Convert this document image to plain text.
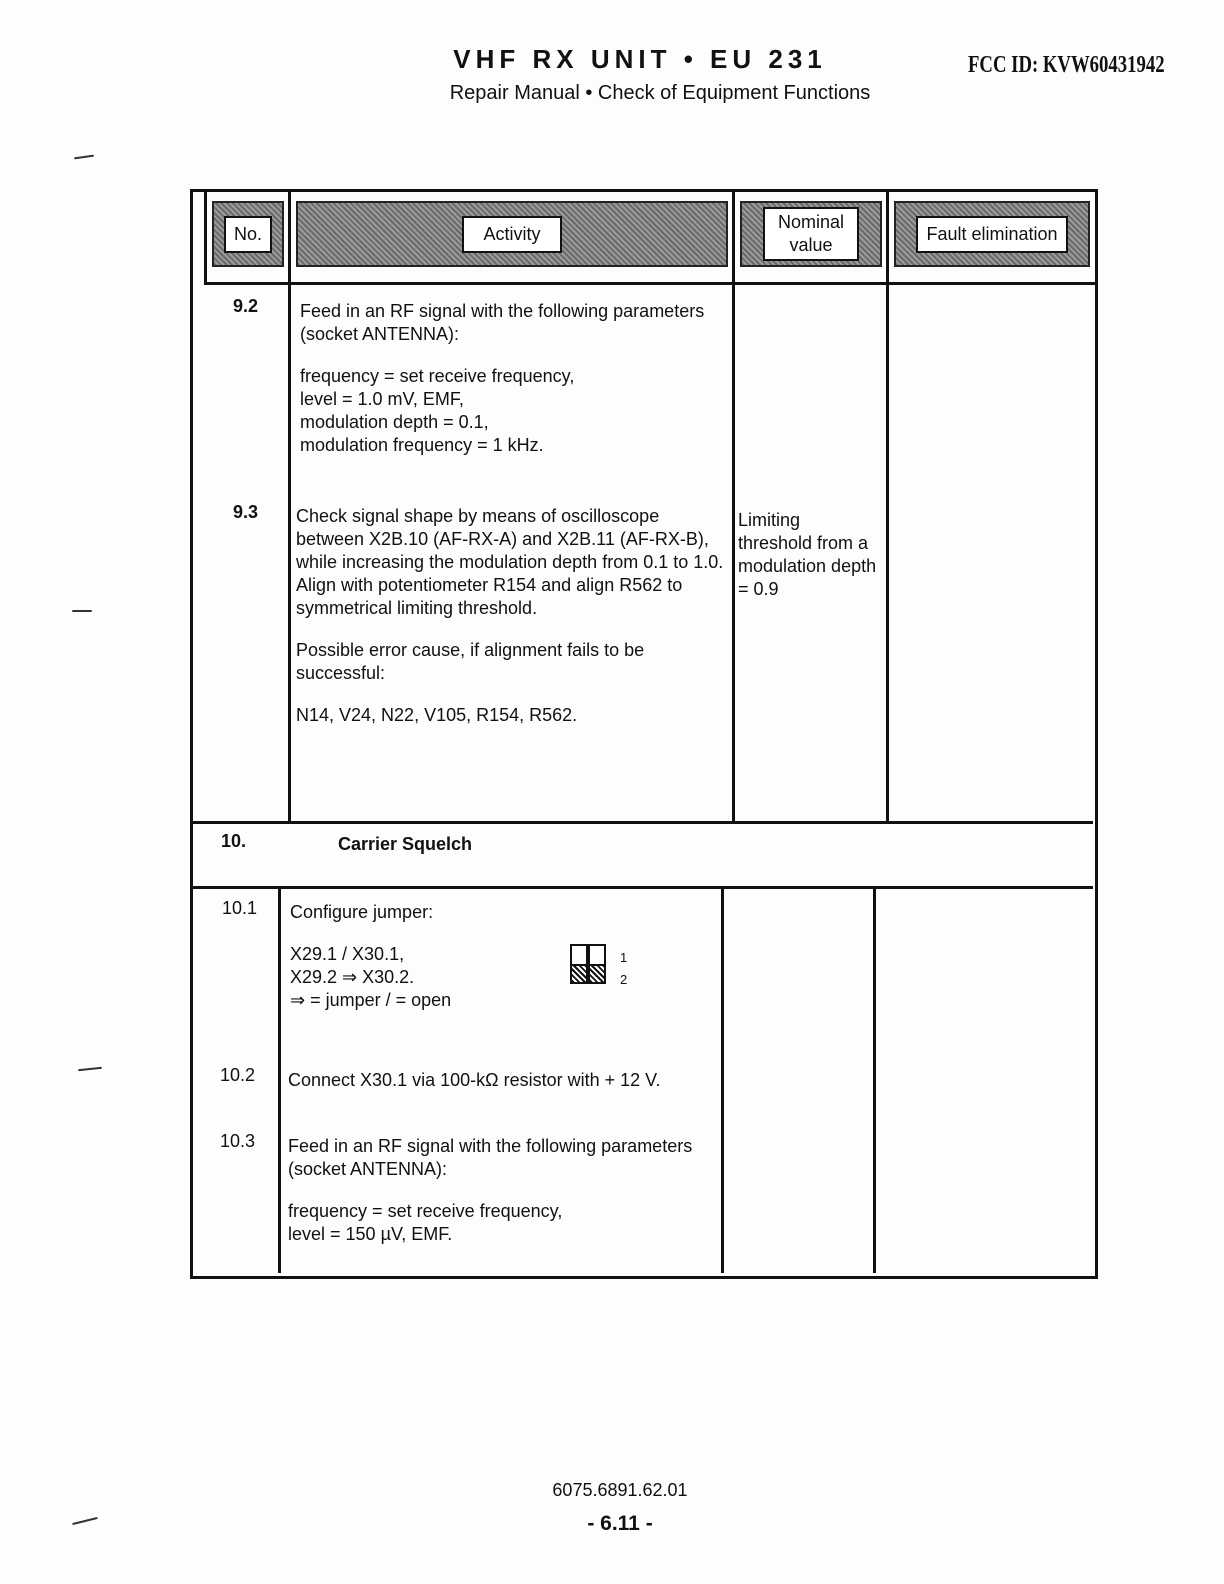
VHF RX UNIT • EU 231
Repair Manual • Check of Equipment Functions
FCC ID: KVW60431942
No.	Activity
Nominal value
Fault elimination
9.2 Feed in an RF signal with the following parameters (socket ANTENNA):

frequency = set receive frequency,
level = 1.0 mV, EMF,
modulation depth = 0.1,
modulation frequency = 1 kHz.

9.3 Check signal shape by means of oscilloscope between X2B.10 (AF-RX-A) and X2B.11 (AF-RX-B), while increasing the modulation depth from 0.1 to 1.0. Align with potentiometer R154 and align R562 to symmetrical limiting threshold.

Possible error cause, if alignment fails to be successful:

N14, V24, N22, V105, R154, R562.

Limiting threshold from a modulation depth = 0.9
10.	Carrier Squelch
10.1 Configure jumper:

X29.1 / X30.1,
X29.2 ⇒ X30.2.
⇒ = jumper / = open

1
2
10.2 Connect X30.1 via 100-kΩ resistor with + 12 V.

10.3 Feed in an RF signal with the following parameters (socket ANTENNA):

frequency = set receive frequency,
level = 150 µV, EMF.

6075.6891.62.01
- 6.11 -
